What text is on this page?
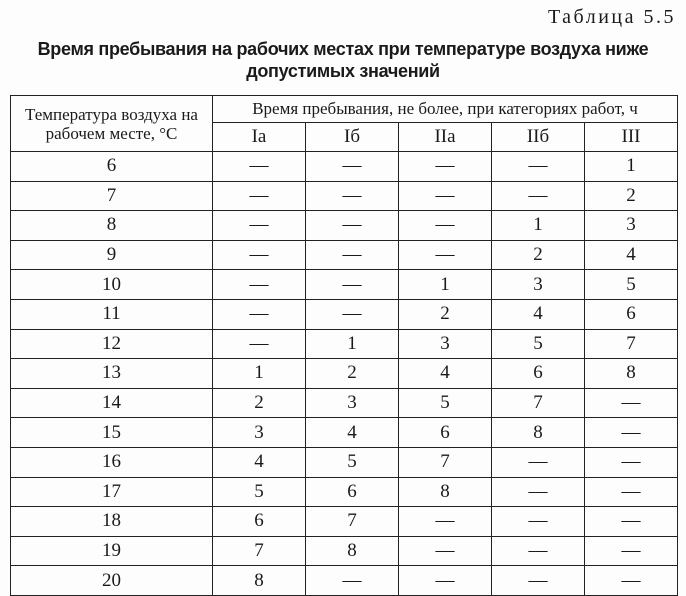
Таблица 5.5
Время пребывания на рабочих местах при температуре воздуха ниже
допустимых значений
Температура воздуха на
рабочем месте, °С	Время пребывания, не более, при категориях работ, ч				
	Iа	Iб	IIа	IIб	III
6	—	—	—	—	1
7	—	—	—	—	2
8	—	—	—	1	3
9	—	—	—	2	4
10	—	—	1	3	5
11	—	—	2	4	6
12	—	1	3	5	7
13	1	2	4	6	8
14	2	3	5	7	—
15	3	4	6	8	—
16	4	5	7	—	—
17	5	6	8	—	—
18	6	7	—	—	—
19	7	8	—	—	—
20	8	—	—	—	—
